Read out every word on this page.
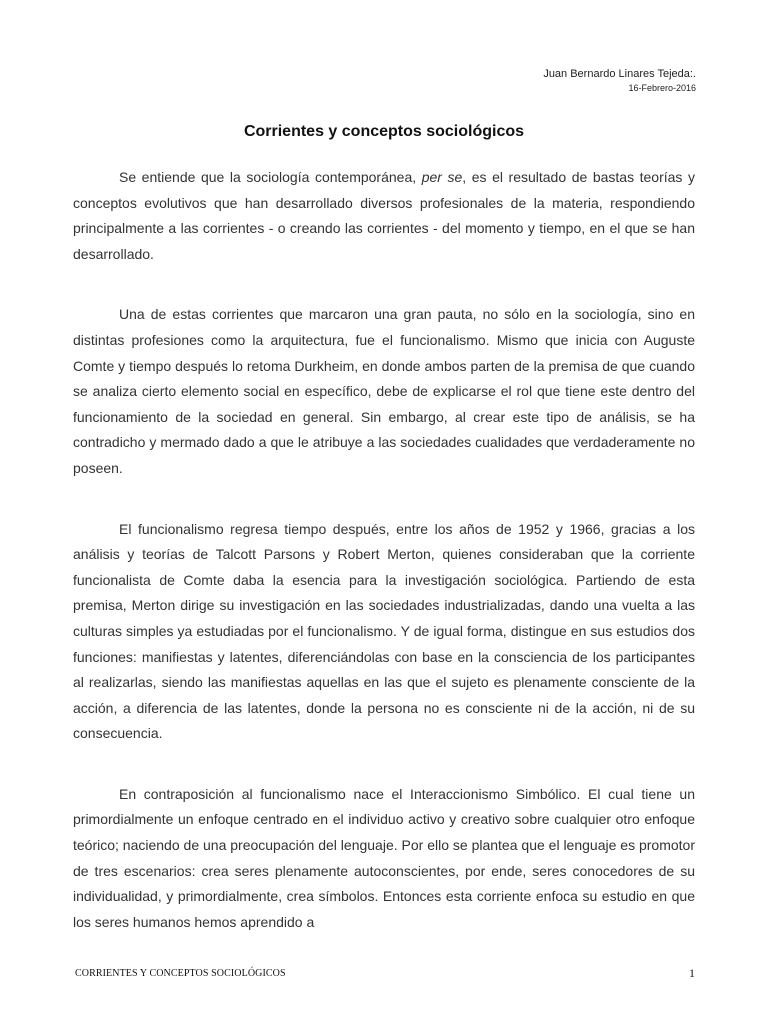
Juan Bernardo Linares Tejeda:.
16-Febrero-2016
Corrientes y conceptos sociológicos

Se entiende que la sociología contemporánea, per se, es el resultado de bastas teorías y conceptos evolutivos que han desarrollado diversos profesionales de la materia, respondiendo principalmente a las corrientes - o creando las corrientes - del momento y tiempo, en el que se han desarrollado.

Una de estas corrientes que marcaron una gran pauta, no sólo en la sociología, sino en distintas profesiones como la arquitectura, fue el funcionalismo. Mismo que inicia con Auguste Comte y tiempo después lo retoma Durkheim, en donde ambos parten de la premisa de que cuando se analiza cierto elemento social en específico, debe de explicarse el rol que tiene este dentro del funcionamiento de la sociedad en general. Sin embargo, al crear este tipo de análisis, se ha contradicho y mermado dado a que le atribuye a las sociedades cualidades que verdaderamente no poseen.

El funcionalismo regresa tiempo después, entre los años de 1952 y 1966, gracias a los análisis y teorías de Talcott Parsons y Robert Merton, quienes consideraban que la corriente funcionalista de Comte daba la esencia para la investigación sociológica. Partiendo de esta premisa, Merton dirige su investigación en las sociedades industrializadas, dando una vuelta a las culturas simples ya estudiadas por el funcionalismo. Y de igual forma, distingue en sus estudios dos funciones: manifiestas y latentes, diferenciándolas con base en la consciencia de los participantes al realizarlas, siendo las manifiestas aquellas en las que el sujeto es plenamente consciente de la acción, a diferencia de las latentes, donde la persona no es consciente ni de la acción, ni de su consecuencia.

En contraposición al funcionalismo nace el Interaccionismo Simbólico. El cual tiene un primordialmente un enfoque centrado en el individuo activo y creativo sobre cualquier otro enfoque teórico; naciendo de una preocupación del lenguaje. Por ello se plantea que el lenguaje es promotor de tres escenarios: crea seres plenamente autoconscientes, por ende, seres conocedores de su individualidad, y primordialmente, crea símbolos. Entonces esta corriente enfoca su estudio en que los seres humanos hemos aprendido a

CORRIENTES Y CONCEPTOS SOCIOLÓGICOS	1
